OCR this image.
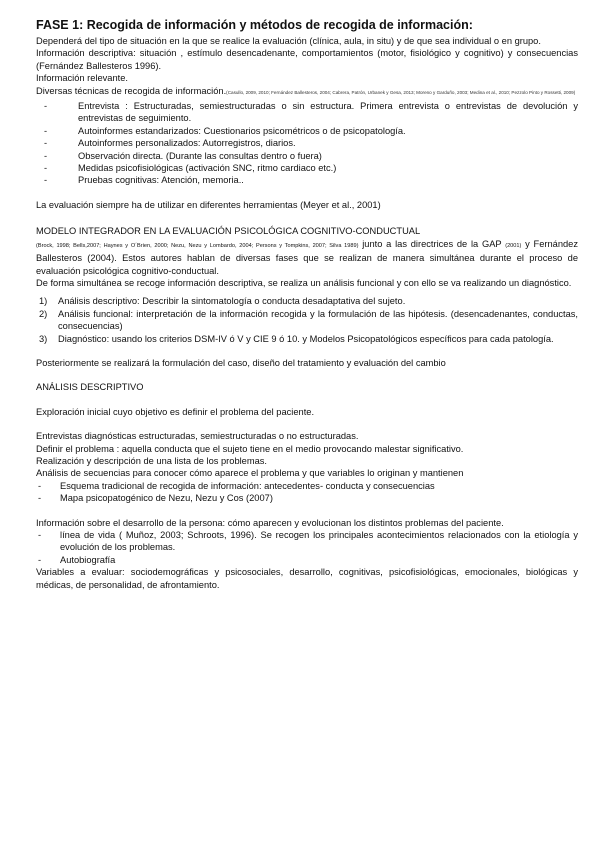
FASE 1: Recogida de información y métodos de recogida de información:

Dependerá del tipo de situación en la que se realice la evaluación (clínica, aula, in situ) y de que sea individual o en grupo.

Información descriptiva: situación , estímulo desencadenante, comportamientos (motor, fisiológico y cognitivo) y consecuencias (Fernández Ballesteros 1996).

Información relevante.

Diversas técnicas de recogida de información.(Casullo, 2009, 2010; Fernández Ballesteros, 2004; Cabrera, Patrón, Urbanek y Gesa, 2013; Moreno y Garduño, 2003; Medina et al., 2010; Pezzolo Pinto y Rossetti, 2009)

-	Entrevista : Estructuradas, semiestructuradas o sin estructura. Primera entrevista o entrevistas de devolución y entrevistas de seguimiento.
-	Autoinformes estandarizados: Cuestionarios psicométricos o de psicopatología.
-	Autoinformes personalizados: Autorregistros, diarios.
-	Observación directa. (Durante las consultas dentro o fuera)
-	Medidas psicofisiológicas (activación SNC, ritmo cardiaco etc.)
-	Pruebas cognitivas: Atención, memoria..

La evaluación siempre ha de utilizar en diferentes herramientas (Meyer et al., 2001)

MODELO INTEGRADOR EN LA EVALUACIÓN PSICOLÓGICA COGNITIVO-CONDUCTUAL

(Brock, 1998; Bells,2007; Haynes y O´Brien, 2000; Nezu, Nezu y Lombardo, 2004; Persons y Tompkins, 2007; Silva 1989) junto a las directrices de la GAP (2001) y Fernández Ballesteros (2004). Estos autores hablan de diversas fases que se realizan de manera simultánea durante el proceso de evaluación psicológica cognitivo-conductual.

De forma simultánea se recoge información descriptiva, se realiza un análisis funcional y con ello se va realizando un diagnóstico.

1) Análisis descriptivo: Describir la sintomatología o conducta desadaptativa del sujeto.
2) Análisis funcional: interpretación de la información recogida y la formulación de las hipótesis. (desencadenantes, conductas, consecuencias)
3) Diagnóstico: usando los criterios DSM-IV ó V y CIE 9 ó 10. y Modelos Psicopatológicos específicos para cada patología.

Posteriormente se realizará la formulación del caso, diseño del tratamiento y evaluación del cambio

ANÁLISIS DESCRIPTIVO

Exploración inicial cuyo objetivo es definir el problema del paciente.

Entrevistas diagnósticas estructuradas, semiestructuradas o no estructuradas.

Definir el problema : aquella conducta que el sujeto tiene en el medio provocando malestar significativo.

Realización y descripción de una lista de los problemas.

Análisis de secuencias para conocer cómo aparece el problema y que variables lo originan y mantienen

- Esquema tradicional de recogida de información: antecedentes- conducta y consecuencias
- Mapa psicopatogénico de Nezu, Nezu y Cos (2007)

Información sobre el desarrollo de la persona: cómo aparecen y evolucionan los distintos problemas del paciente.

- línea de vida ( Muñoz, 2003; Schroots, 1996). Se recogen los principales acontecimientos relacionados con la etiología y evolución de los problemas.
- Autobiografía

Variables a evaluar: sociodemográficas y psicosociales, desarrollo, cognitivas, psicofisiológicas, emocionales, biológicas y médicas, de personalidad, de afrontamiento.
